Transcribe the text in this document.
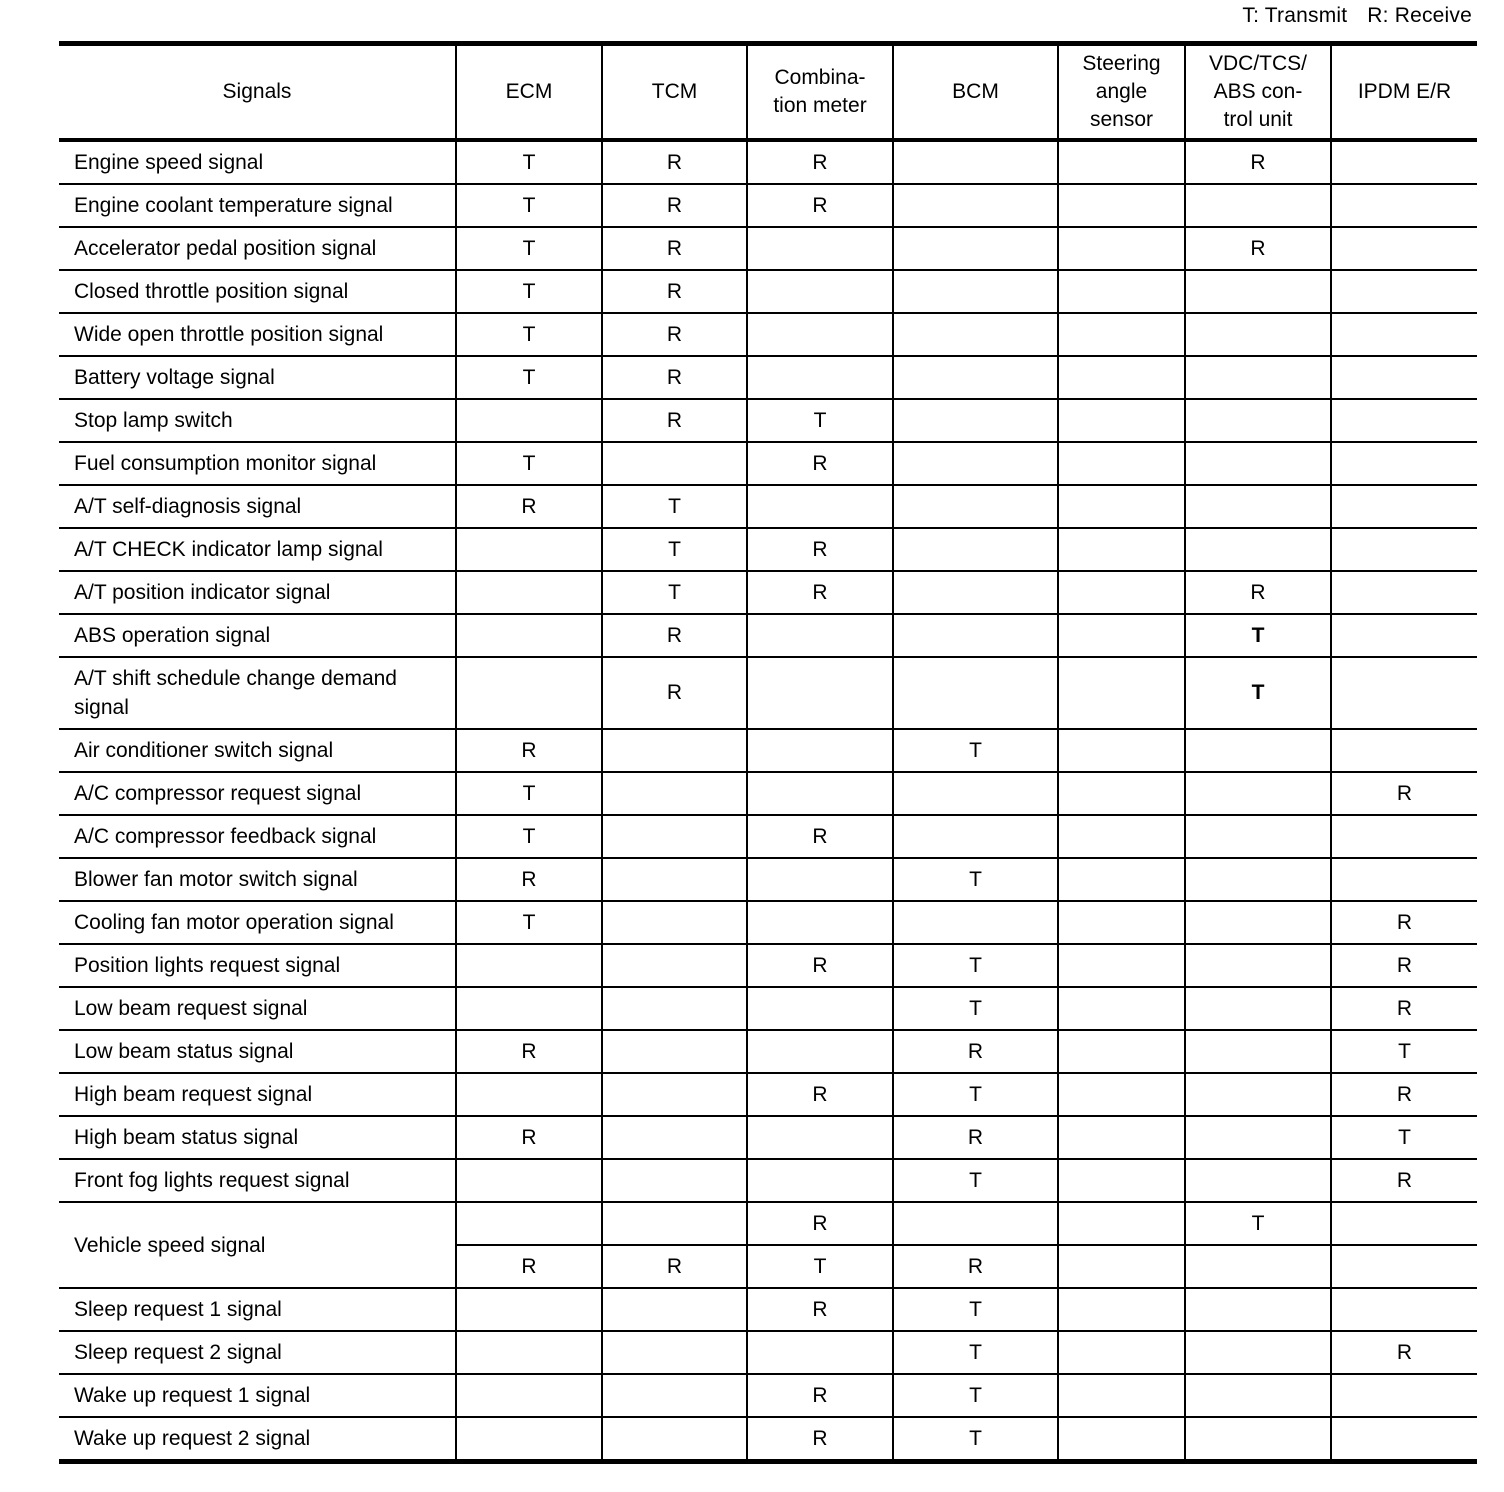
T: Transmit R: Receive
Signals	ECM	TCM	Combina-
tion meter	BCM	Steering
angle
sensor	VDC/TCS/
ABS con-
trol unit	IPDM E/R
Engine speed signal	T	R	R			R	
Engine coolant temperature signal	T	R	R				
Accelerator pedal position signal	T	R				R	
Closed throttle position signal	T	R					
Wide open throttle position signal	T	R					
Battery voltage signal	T	R					
Stop lamp switch		R	T				
Fuel consumption monitor signal	T		R				
A/T self-diagnosis signal	R	T					
A/T CHECK indicator lamp signal		T	R				
A/T position indicator signal		T	R			R	
ABS operation signal		R				T	
A/T shift schedule change demand
signal		R				T	
Air conditioner switch signal	R			T			
A/C compressor request signal	T						R
A/C compressor feedback signal	T		R				
Blower fan motor switch signal	R			T			
Cooling fan motor operation signal	T						R
Position lights request signal			R	T			R
Low beam request signal				T			R
Low beam status signal	R			R			T
High beam request signal			R	T			R
High beam status signal	R			R			T
Front fog lights request signal				T			R
Vehicle speed signal			R			T	
	R	R	T	R			
Sleep request 1 signal			R	T			
Sleep request 2 signal				T			R
Wake up request 1 signal			R	T			
Wake up request 2 signal			R	T			
